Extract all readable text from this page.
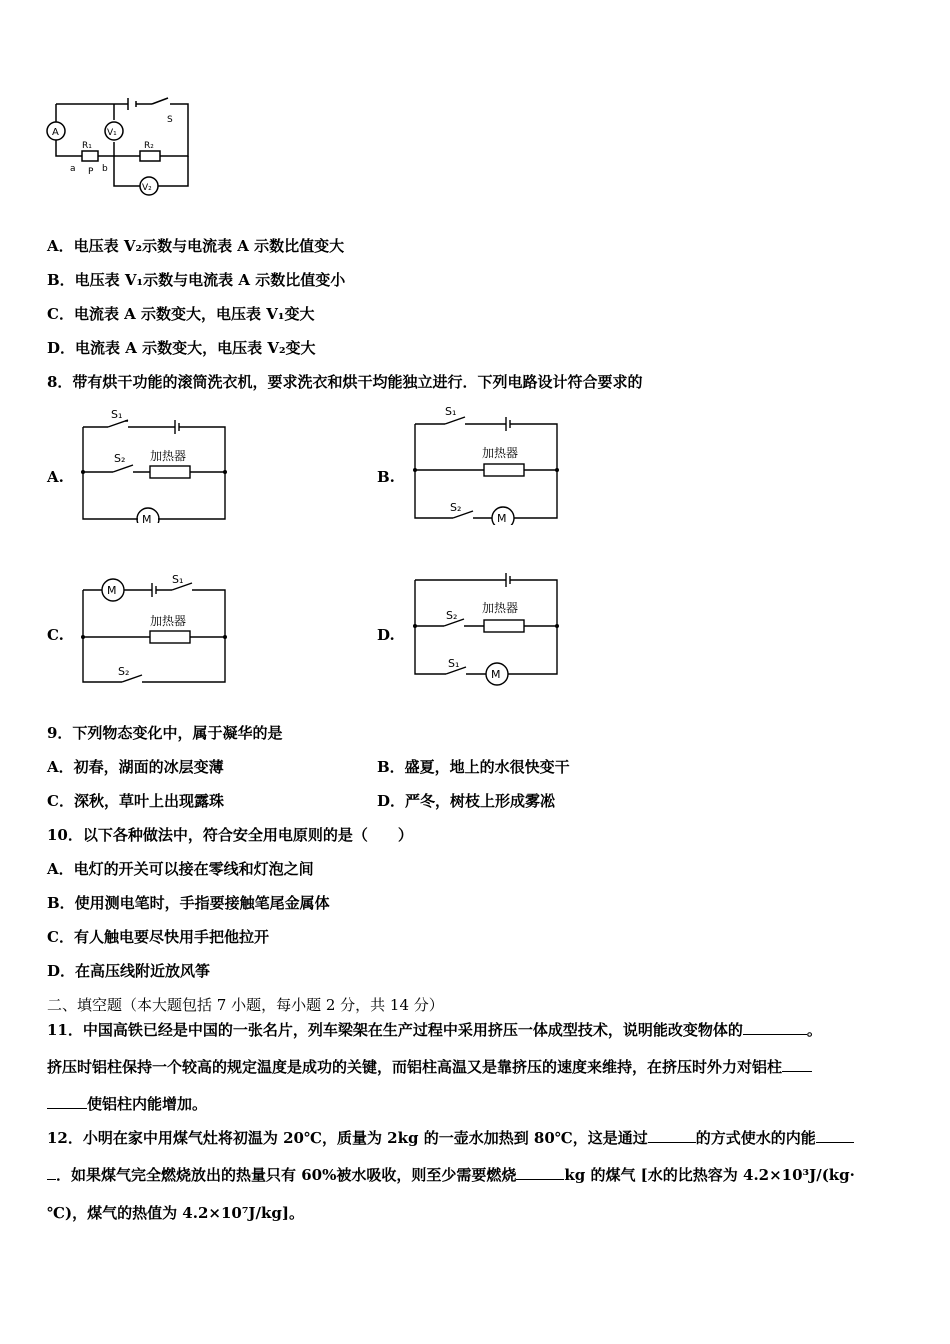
A	V₁
V₂
S
R₁	R₂
a P b
A．电压表 V₂示数与电流表 A 示数比值变大
B．电压表 V₁示数与电流表 A 示数比值变小
C．电流表 A 示数变大，电压表 V₁变大
D．电流表 A 示数变大，电压表 V₂变大
8．带有烘干功能的滚筒洗衣机，要求洗衣和烘干均能独立进行．下列电路设计符合要求的
A.	B.
C.	D.
S₁
S₂ 加热器
M
S₁
S₂
加热器
M
M
S₁
加热器
S₂
S₂
加热器
S₁
M
9．下列物态变化中，属于凝华的是
A．初春，湖面的冰层变薄	B．盛夏，地上的水很快变干
C．深秋，草叶上出现露珠	D．严冬，树枝上形成雾凇
10．以下各种做法中，符合安全用电原则的是（　　）
A．电灯的开关可以接在零线和灯泡之间
B．使用测电笔时，手指要接触笔尾金属体
C．有人触电要尽快用手把他拉开
D．在高压线附近放风筝
二、填空题（本大题包括 7 小题，每小题 2 分，共 14 分）
11．中国高铁已经是中国的一张名片，列车梁架在生产过程中采用挤压一体成型技术，说明能改变物体的	。
挤压时铝柱保持一个较高的规定温度是成功的关键，而铝柱高温又是靠挤压的速度来维持，在挤压时外力对铝柱
使铝柱内能增加。
12．小明在家中用煤气灶将初温为 20℃，质量为 2kg 的一壶水加热到 80℃，这是通过	的方式使水的内能
．如果煤气完全燃烧放出的热量只有 60%被水吸收，则至少需要燃烧	kg 的煤气 [水的比热容为 4.2×10³J/(kg·
℃)，煤气的热值为 4.2×10⁷J/kg]。
